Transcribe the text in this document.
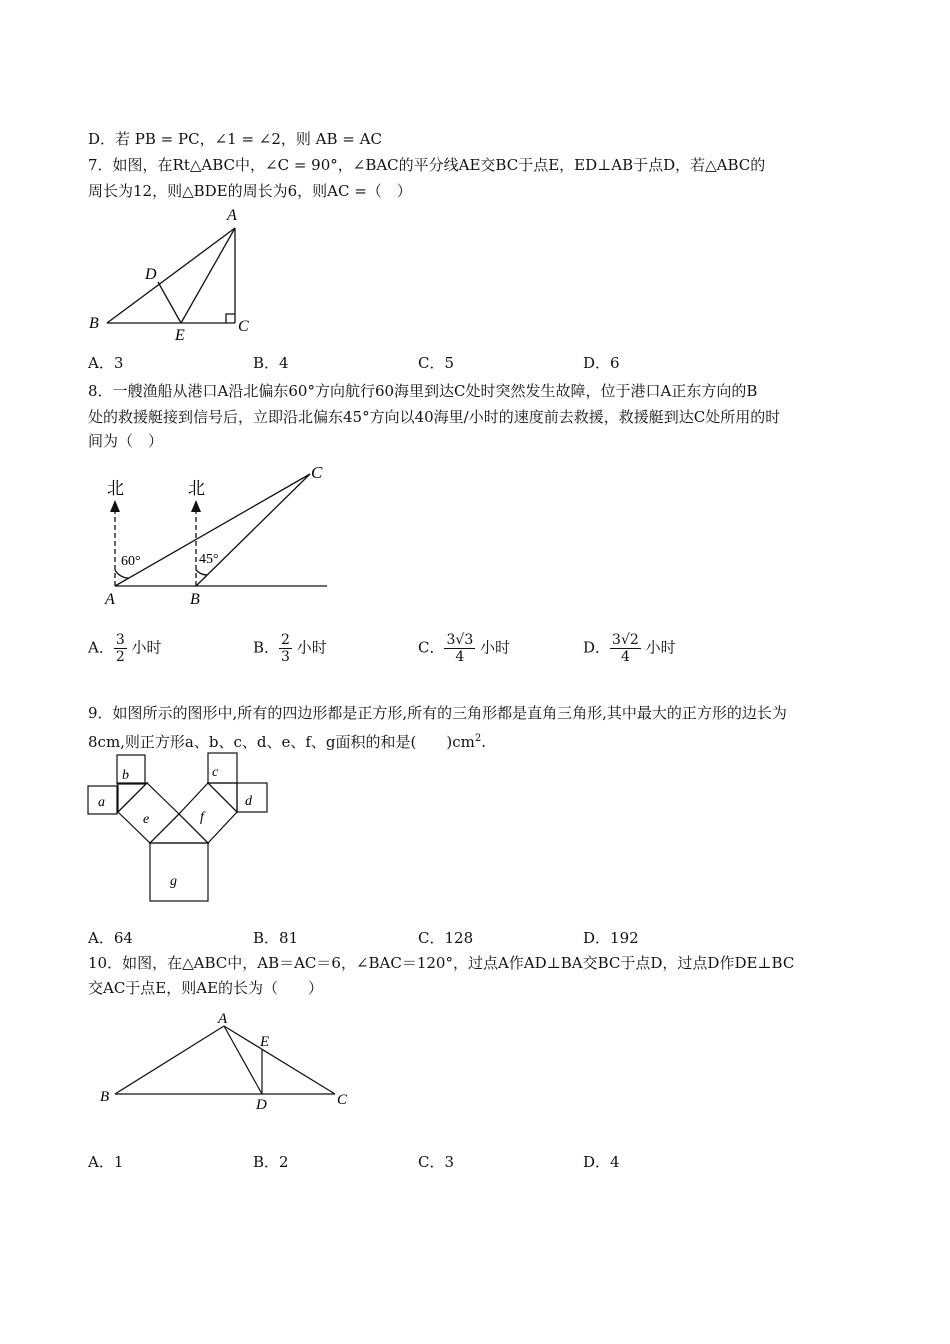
D．若 PB = PC，∠1 = ∠2，则 AB = AC
7．如图，在Rt△ABC中，∠C = 90°，∠BAC的平分线AE交BC于点E，ED⊥AB于点D，若△ABC的
周长为12，则△BDE的周长为6，则AC =（　）
A
B	C
D
E
A．3	B．4	C．5	D．6
8．一艘渔船从港口A沿北偏东60°方向航行60海里到达C处时突然发生故障，位于港口A正东方向的B
处的救援艇接到信号后，立即沿北偏东45°方向以40海里/小时的速度前去救援，救援艇到达C处所用的时
间为（　）
北	北
60°	45°
A	B
C
A． $\frac{3}{2}$ 小时	B． $\frac{2}{3}$ 小时	C． $\frac{3√3}{4}$ 小时	D． $\frac{3√2}{4}$ 小时
9．如图所示的图形中,所有的四边形都是正方形,所有的三角形都是直角三角形,其中最大的正方形的边长为
8cm,则正方形a、b、c、d、e、f、g面积的和是(　　)$cm^2$.
a
b	c
d
e	f
g
A．64	B．81	C．128	D．192
10．如图，在△ABC中，AB＝AC＝6，∠BAC＝120°，过点A作AD⊥BA交BC于点D，过点D作DE⊥BC
交AC于点E，则AE的长为（　　）
A
B	C
D
E
A．1	B．2	C．3	D．4
